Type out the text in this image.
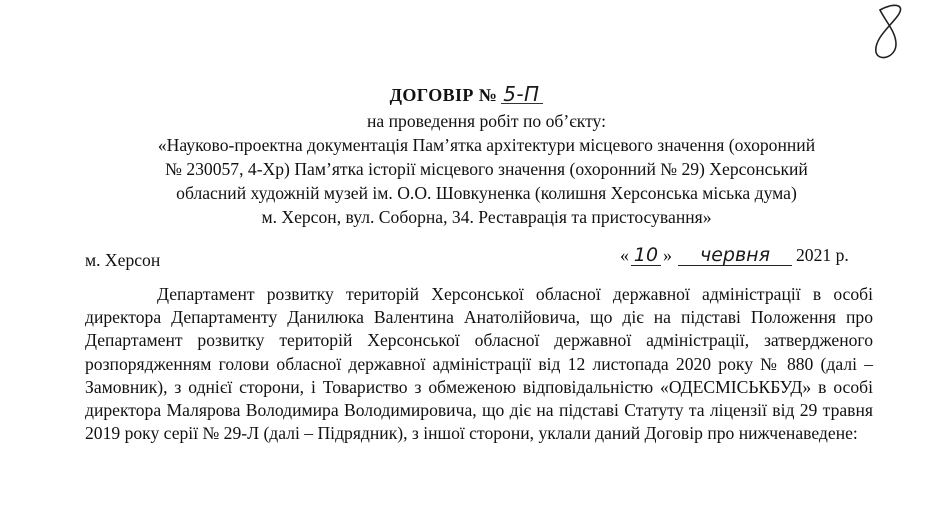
ДОГОВІР № 5-П
на проведення робіт по об’єкту:
«Науково-проектна документація Пам’ятка архітектури місцевого значення (охоронний
№ 230057, 4-Хр) Пам’ятка історії місцевого значення (охоронний № 29) Херсонський
обласний художній музей ім. О.О. Шовкуненка (колишня Херсонська міська дума)
м. Херсон, вул. Соборна, 34. Реставрація та пристосування»
м. Херсон	« 10 » червня 2021 р.

Департамент розвитку територій Херсонської обласної державної адміністрації в особі директора Департаменту Данилюка Валентина Анатолійовича, що діє на підставі Положення про Департамент розвитку територій Херсонської обласної державної адміністрації, затвердженого розпорядженням голови обласної державної адміністрації від 12 листопада 2020 року № 880 (далі – Замовник), з однієї сторони, і Товариство з обмеженою відповідальністю «ОДЕСМІСЬКБУД» в особі директора Малярова Володимира Володимировича, що діє на підставі Статуту та ліцензії від 29 травня 2019 року серії № 29-Л (далі – Підрядник), з іншої сторони, уклали даний Договір про нижченаведене:
